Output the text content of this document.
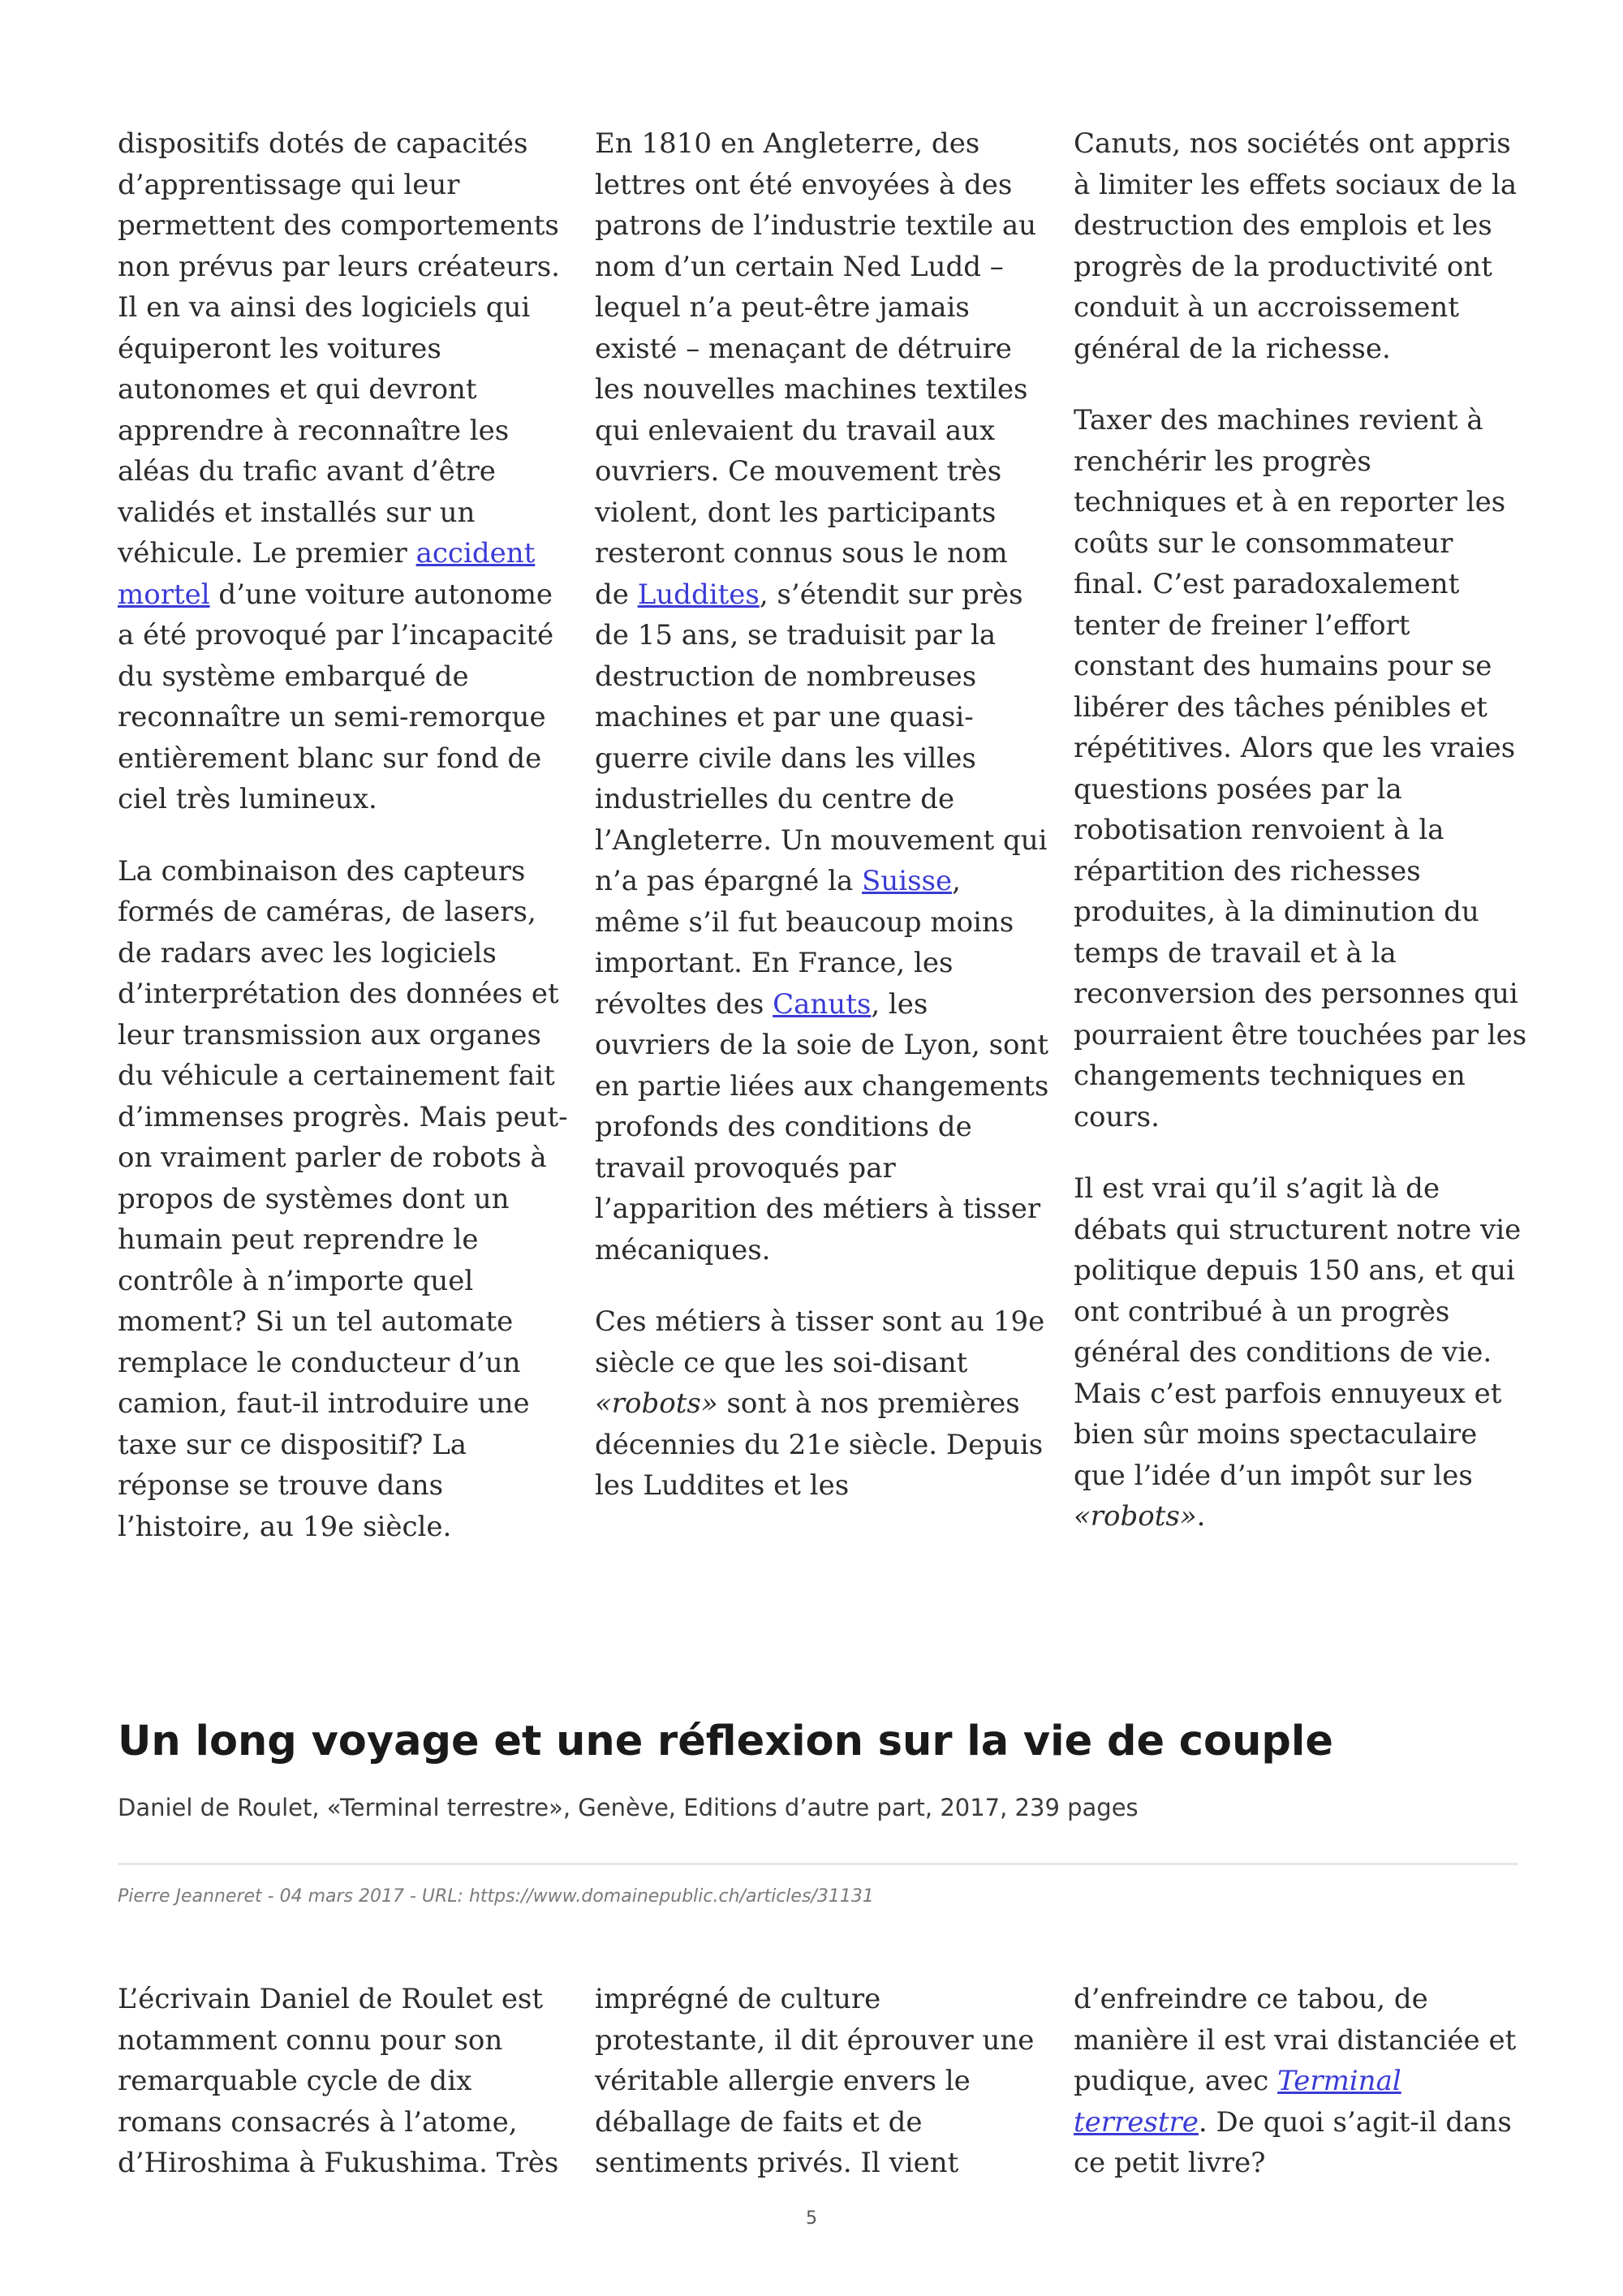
dispositifs dotés de capacités d’apprentissage qui leur permettent des comportements non prévus par leurs créateurs. Il en va ainsi des logiciels qui équiperont les voitures autonomes et qui devront apprendre à reconnaître les aléas du trafic avant d’être validés et installés sur un véhicule. Le premier accident mortel d’une voiture autonome a été provoqué par l’incapacité du système embarqué de reconnaître un semi-remorque entièrement blanc sur fond de ciel très lumineux.

La combinaison des capteurs formés de caméras, de lasers, de radars avec les logiciels d’interprétation des données et leur transmission aux organes du véhicule a certainement fait d’immenses progrès. Mais peut-on vraiment parler de robots à propos de systèmes dont un humain peut reprendre le contrôle à n’importe quel moment? Si un tel automate remplace le conducteur d’un camion, faut-il introduire une taxe sur ce dispositif? La réponse se trouve dans l’histoire, au 19e siècle.

En 1810 en Angleterre, des lettres ont été envoyées à des patrons de l’industrie textile au nom d’un certain Ned Ludd – lequel n’a peut-être jamais existé – menaçant de détruire les nouvelles machines textiles qui enlevaient du travail aux ouvriers. Ce mouvement très violent, dont les participants resteront connus sous le nom de Luddites, s’étendit sur près de 15 ans, se traduisit par la destruction de nombreuses machines et par une quasi-guerre civile dans les villes industrielles du centre de l’Angleterre. Un mouvement qui n’a pas épargné la Suisse, même s’il fut beaucoup moins important. En France, les révoltes des Canuts, les ouvriers de la soie de Lyon, sont en partie liées aux changements profonds des conditions de travail provoqués par l’apparition des métiers à tisser mécaniques.

Ces métiers à tisser sont au 19e siècle ce que les soi-disant «robots» sont à nos premières décennies du 21e siècle. Depuis les Luddites et les

Canuts, nos sociétés ont appris à limiter les effets sociaux de la destruction des emplois et les progrès de la productivité ont conduit à un accroissement général de la richesse.

Taxer des machines revient à renchérir les progrès techniques et à en reporter les coûts sur le consommateur final. C’est paradoxalement tenter de freiner l’effort constant des humains pour se libérer des tâches pénibles et répétitives. Alors que les vraies questions posées par la robotisation renvoient à la répartition des richesses produites, à la diminution du temps de travail et à la reconversion des personnes qui pourraient être touchées par les changements techniques en cours.

Il est vrai qu’il s’agit là de débats qui structurent notre vie politique depuis 150 ans, et qui ont contribué à un progrès général des conditions de vie. Mais c’est parfois ennuyeux et bien sûr moins spectaculaire que l’idée d’un impôt sur les «robots».

Un long voyage et une réflexion sur la vie de couple
Daniel de Roulet, «Terminal terrestre», Genève, Editions d’autre part, 2017, 239 pages
Pierre Jeanneret - 04 mars 2017 - URL: https://www.domainepublic.ch/articles/31131

L’écrivain Daniel de Roulet est notamment connu pour son remarquable cycle de dix romans consacrés à l’atome, d’Hiroshima à Fukushima. Très

imprégné de culture protestante, il dit éprouver une véritable allergie envers le déballage de faits et de sentiments privés. Il vient

d’enfreindre ce tabou, de manière il est vrai distanciée et pudique, avec Terminal terrestre. De quoi s’agit-il dans ce petit livre?

5
